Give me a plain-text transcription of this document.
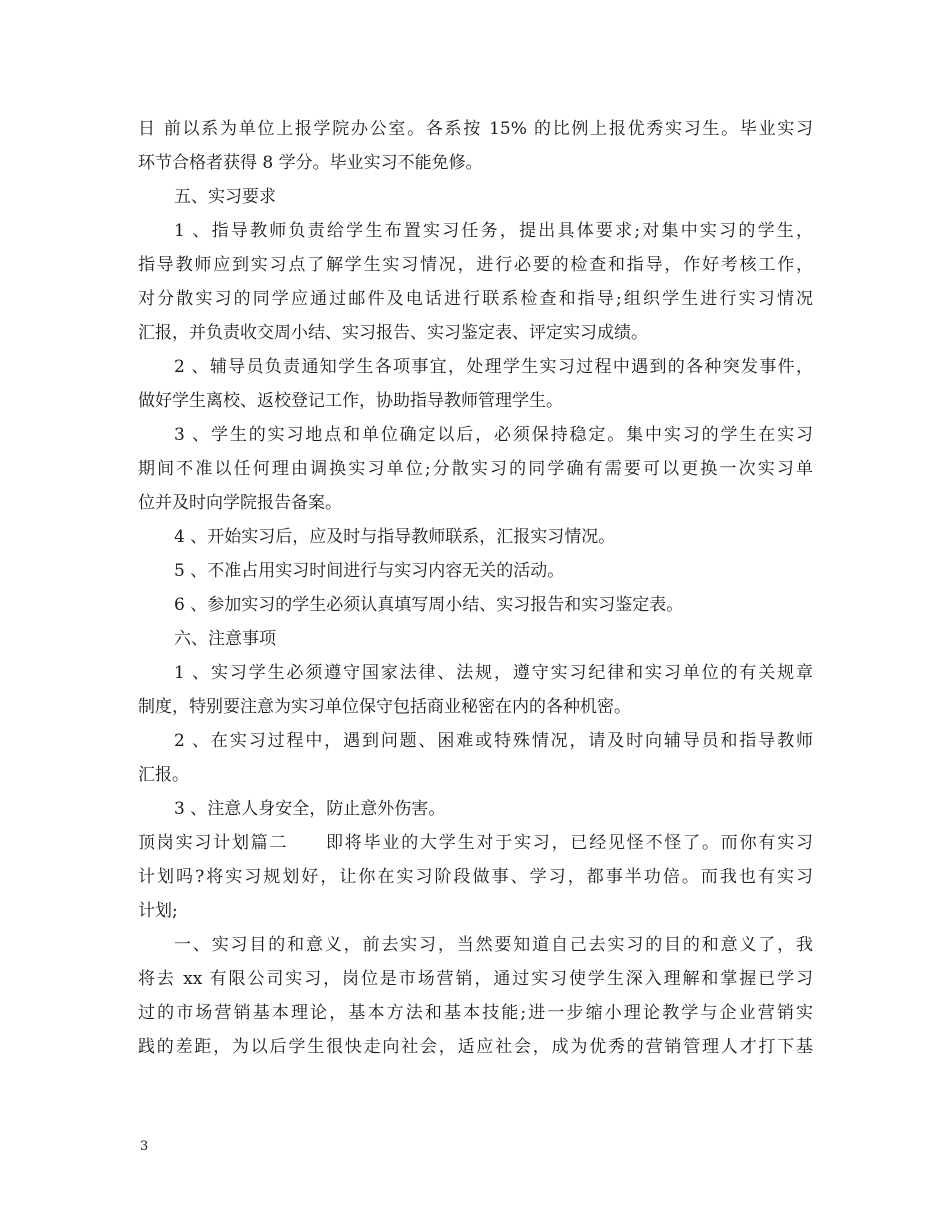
日 前以系为单位上报学院办公室。各系按 15% 的比例上报优秀实习生。毕业实习
环节合格者获得 8 学分。毕业实习不能免修。
五、实习要求
1 、指导教师负责给学生布置实习任务，提出具体要求;对集中实习的学生，
指导教师应到实习点了解学生实习情况，进行必要的检查和指导，作好考核工作，
对分散实习的同学应通过邮件及电话进行联系检查和指导;组织学生进行实习情况
汇报，并负责收交周小结、实习报告、实习鉴定表、评定实习成绩。
2 、辅导员负责通知学生各项事宜，处理学生实习过程中遇到的各种突发事件，
做好学生离校、返校登记工作，协助指导教师管理学生。
3 、学生的实习地点和单位确定以后，必须保持稳定。集中实习的学生在实习
期间不准以任何理由调换实习单位;分散实习的同学确有需要可以更换一次实习单
位并及时向学院报告备案。
4 、开始实习后，应及时与指导教师联系，汇报实习情况。
5 、不准占用实习时间进行与实习内容无关的活动。
6 、参加实习的学生必须认真填写周小结、实习报告和实习鉴定表。
六、注意事项
1 、实习学生必须遵守国家法律、法规，遵守实习纪律和实习单位的有关规章
制度，特别要注意为实习单位保守包括商业秘密在内的各种机密。
2 、在实习过程中，遇到问题、困难或特殊情况，请及时向辅导员和指导教师
汇报。
3 、注意人身安全，防止意外伤害。
顶岗实习计划篇二　　即将毕业的大学生对于实习，已经见怪不怪了。而你有实习
计划吗?将实习规划好，让你在实习阶段做事、学习，都事半功倍。而我也有实习
计划;
一、实习目的和意义，前去实习，当然要知道自己去实习的目的和意义了，我
将去 xx 有限公司实习，岗位是市场营销，通过实习使学生深入理解和掌握已学习
过的市场营销基本理论，基本方法和基本技能;进一步缩小理论教学与企业营销实
践的差距，为以后学生很快走向社会，适应社会，成为优秀的营销管理人才打下基
3
